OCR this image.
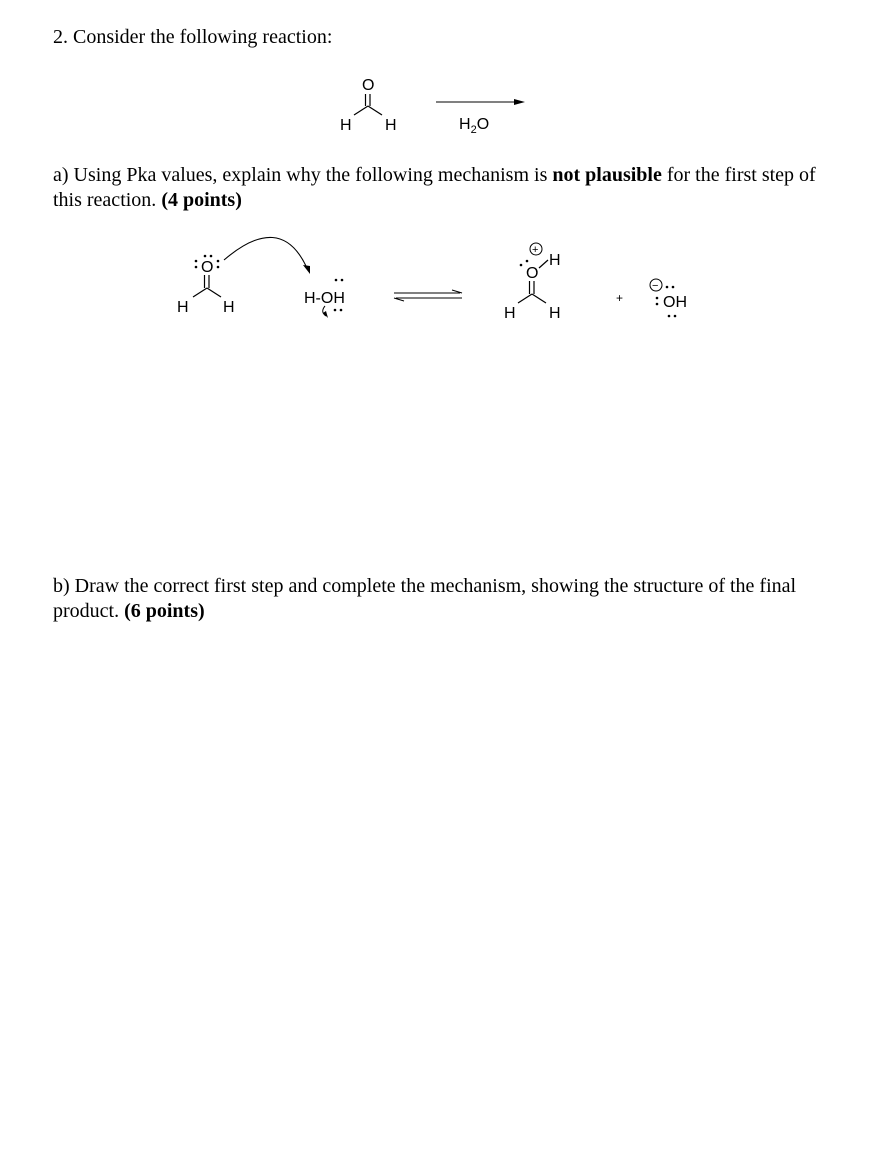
2. Consider the following reaction:
O
H H	$H_2O$
a) Using Pka values, explain why the following mechanism is not plausible for the first step of this reaction. (4 points)
O
H H
H-OH
+
H
O
H H
+
−
OH
b) Draw the correct first step and complete the mechanism, showing the structure of the final product. (6 points)
